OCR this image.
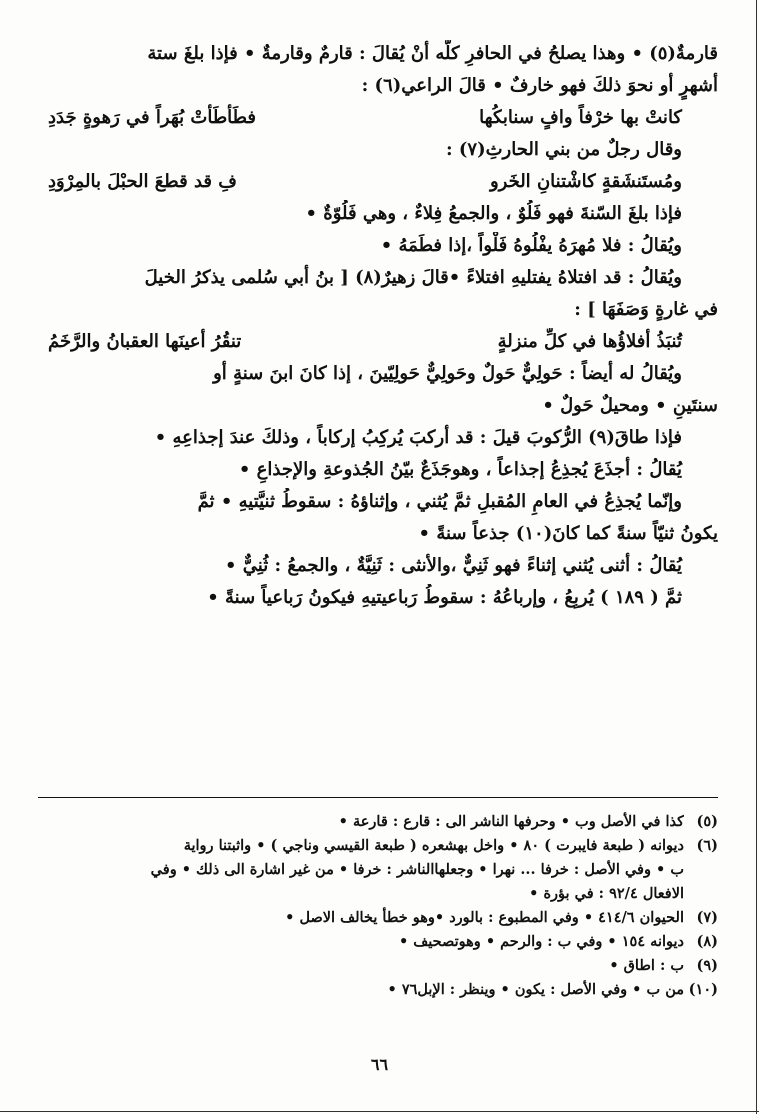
قارمةٌ(٥) • وهذا يصلحُ في الحافرِ كلّه أنْ يُقالَ : قارمٌ وقارمةٌ • فإذا بلغَ ستة
أشهرٍ أو نحوَ ذلكَ فهو خارفٌ • قالَ الراعي(٦) :
كانتْ بها خرْفاً وافٍ سنابكُها
فطَأطَأتْ بُهَراً في رَهوةٍ جَدَدِ
وقال رجلٌ من بني الحارثِ(٧) :
ومُستَنشَقةٍ كاشْتنانِ الخَرو
فِ قد قطعَ الحبْلَ بالمِرْوَدِ
فإذا بلغَ السّنةَ فهو فَلُوٌ ، والجمعُ فِلاءٌ ، وهي فَلُوّةٌ •
ويُقالُ : فلا مُهرَهُ يفْلُوهُ فَلْواً ،إذا فطَمَهُ •
ويُقالُ : قد افتلاهُ يفتليهِ افتلاءً •قالَ زهيرٌ(٨) [ بنُ أبي سُلمى يذكرُ الخيلَ
في غارةٍ وَصَفَهَا ] :
تُنبَذُ أفلاؤُها في كلِّ منزلةٍ
تنقُرُ أعينَها العقبانُ والرَّخَمُ
ويُقالُ له أيضاً : حَولِيٌّ حَولٌ وحَولِيٌّ حَولِيّينَ ، إذا كانَ ابنَ سنةٍ أو
سنتَينِ • ومحيلٌ حَولٌ •
فإذا طاقَ(٩) الرُّكوبَ قيلَ : قد أركبَ يُركِبُ إركاباً ، وذلكَ عندَ إجذاعِهِ •
يُقالُ : أجذَعَ يُجذِعُ إجذاعاً ، وهوجَذَعٌ بيّنُ الجُذوعةِ والإجذاعِ •
وإنّما يُجذِعُ في العامِ المُقبلِ ثمَّ يُثني ، وإثناؤهُ : سقوطُ ثنيَّتيهِ • ثمَّ
يكونُ ثنيّاً سنةً كما كانَ(١٠) جذعاً سنةً •
يُقالُ : أثنى يُثني إثناءً فهو ثَنِيٌّ ،والأنثى : ثَنِيَّةٌ ، والجمعُ : ثُنِيٌّ •
ثمَّ ( ١٨٩ ) يُربِعُ ، وإرباعُهُ : سقوطُ رَباعيتيهِ فيكونُ رَباعياً سنةً •
(٥)
كذا في الأصل وب • وحرفها الناشر الى : قارع : قارعة •
(٦)
ديوانه ( طبعة فايبرت ) ٨٠ • واخل بهشعره ( طبعة القيسي وناجي ) • واثبتنا رواية
ب • وفي الأصل : خرفا ... نهرا • وجعلهاالناشر : خرفا • من غير اشارة الى ذلك • وفي
الافعال ٩٢/٤ : في بؤرة •
(٧)
الحيوان ٤١٤/٦ • وفي المطبوع : بالورد •وهو خطأ يخالف الاصل •
(٨)
ديوانه ١٥٤ • وفي ب : والرحم • وهوتصحيف •
(٩)
ب : اطاق •
(١٠)
من ب • وفي الأصل : يكون • وينظر : الإبل٧٦ •
٦٦
